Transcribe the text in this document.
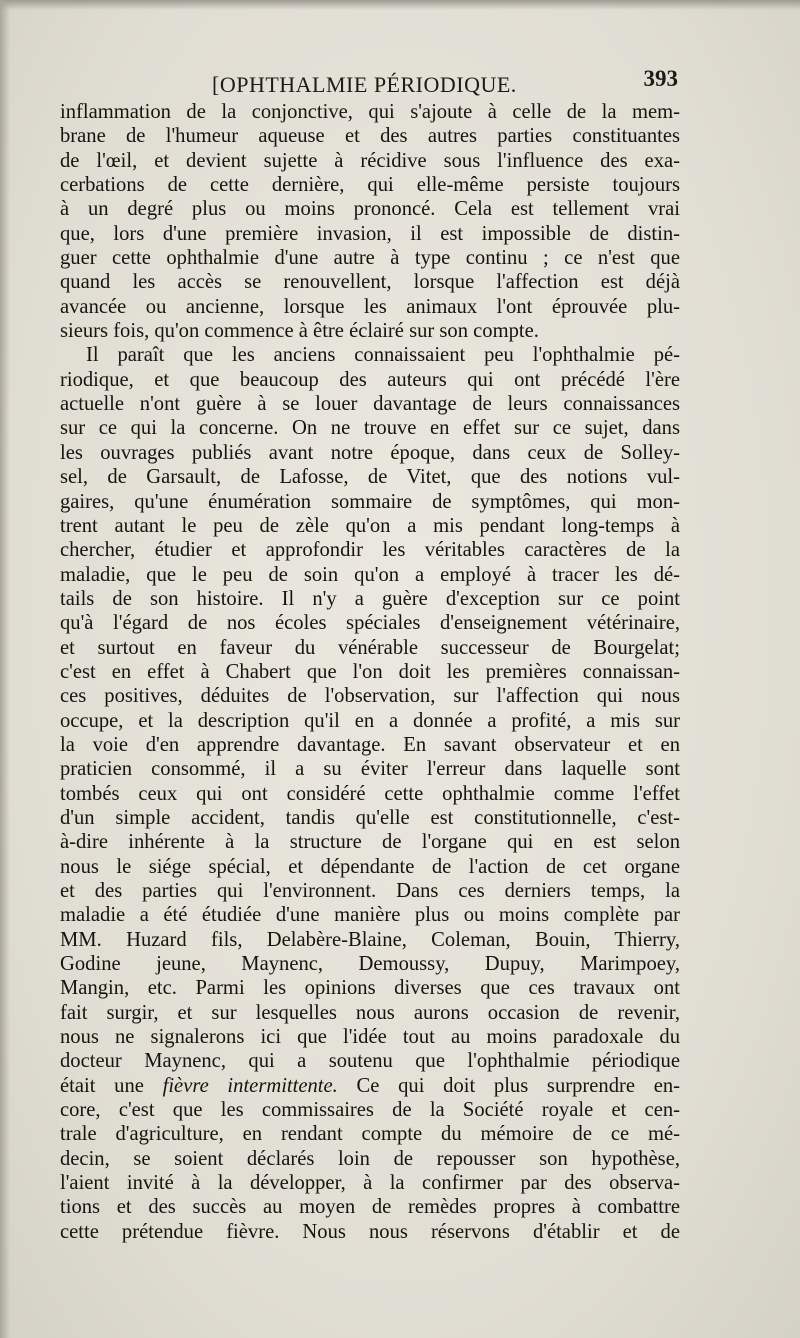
[OPHTHALMIE PÉRIODIQUE.	393
inflammation de la conjonctive, qui s'ajoute à celle de la mem-
brane de l'humeur aqueuse et des autres parties constituantes
de l'œil, et devient sujette à récidive sous l'influence des exa-
cerbations de cette dernière, qui elle-même persiste toujours
à un degré plus ou moins prononcé. Cela est tellement vrai
que, lors d'une première invasion, il est impossible de distin-
guer cette ophthalmie d'une autre à type continu ; ce n'est que
quand les accès se renouvellent, lorsque l'affection est déjà
avancée ou ancienne, lorsque les animaux l'ont éprouvée plu-
sieurs fois, qu'on commence à être éclairé sur son compte.
Il paraît que les anciens connaissaient peu l'ophthalmie pé-
riodique, et que beaucoup des auteurs qui ont précédé l'ère
actuelle n'ont guère à se louer davantage de leurs connaissances
sur ce qui la concerne. On ne trouve en effet sur ce sujet, dans
les ouvrages publiés avant notre époque, dans ceux de Solley-
sel, de Garsault, de Lafosse, de Vitet, que des notions vul-
gaires, qu'une énumération sommaire de symptômes, qui mon-
trent autant le peu de zèle qu'on a mis pendant long-temps à
chercher, étudier et approfondir les véritables caractères de la
maladie, que le peu de soin qu'on a employé à tracer les dé-
tails de son histoire. Il n'y a guère d'exception sur ce point
qu'à l'égard de nos écoles spéciales d'enseignement vétérinaire,
et surtout en faveur du vénérable successeur de Bourgelat;
c'est en effet à Chabert que l'on doit les premières connaissan-
ces positives, déduites de l'observation, sur l'affection qui nous
occupe, et la description qu'il en a donnée a profité, a mis sur
la voie d'en apprendre davantage. En savant observateur et en
praticien consommé, il a su éviter l'erreur dans laquelle sont
tombés ceux qui ont considéré cette ophthalmie comme l'effet
d'un simple accident, tandis qu'elle est constitutionnelle, c'est-
à-dire inhérente à la structure de l'organe qui en est selon
nous le siége spécial, et dépendante de l'action de cet organe
et des parties qui l'environnent. Dans ces derniers temps, la
maladie a été étudiée d'une manière plus ou moins complète par
MM. Huzard fils, Delabère-Blaine, Coleman, Bouin, Thierry,
Godine jeune, Maynenc, Demoussy, Dupuy, Marimpoey,
Mangin, etc. Parmi les opinions diverses que ces travaux ont
fait surgir, et sur lesquelles nous aurons occasion de revenir,
nous ne signalerons ici que l'idée tout au moins paradoxale du
docteur Maynenc, qui a soutenu que l'ophthalmie périodique
était une fièvre intermittente. Ce qui doit plus surprendre en-
core, c'est que les commissaires de la Société royale et cen-
trale d'agriculture, en rendant compte du mémoire de ce mé-
decin, se soient déclarés loin de repousser son hypothèse,
l'aient invité à la développer, à la confirmer par des observa-
tions et des succès au moyen de remèdes propres à combattre
cette prétendue fièvre. Nous nous réservons d'établir et de
